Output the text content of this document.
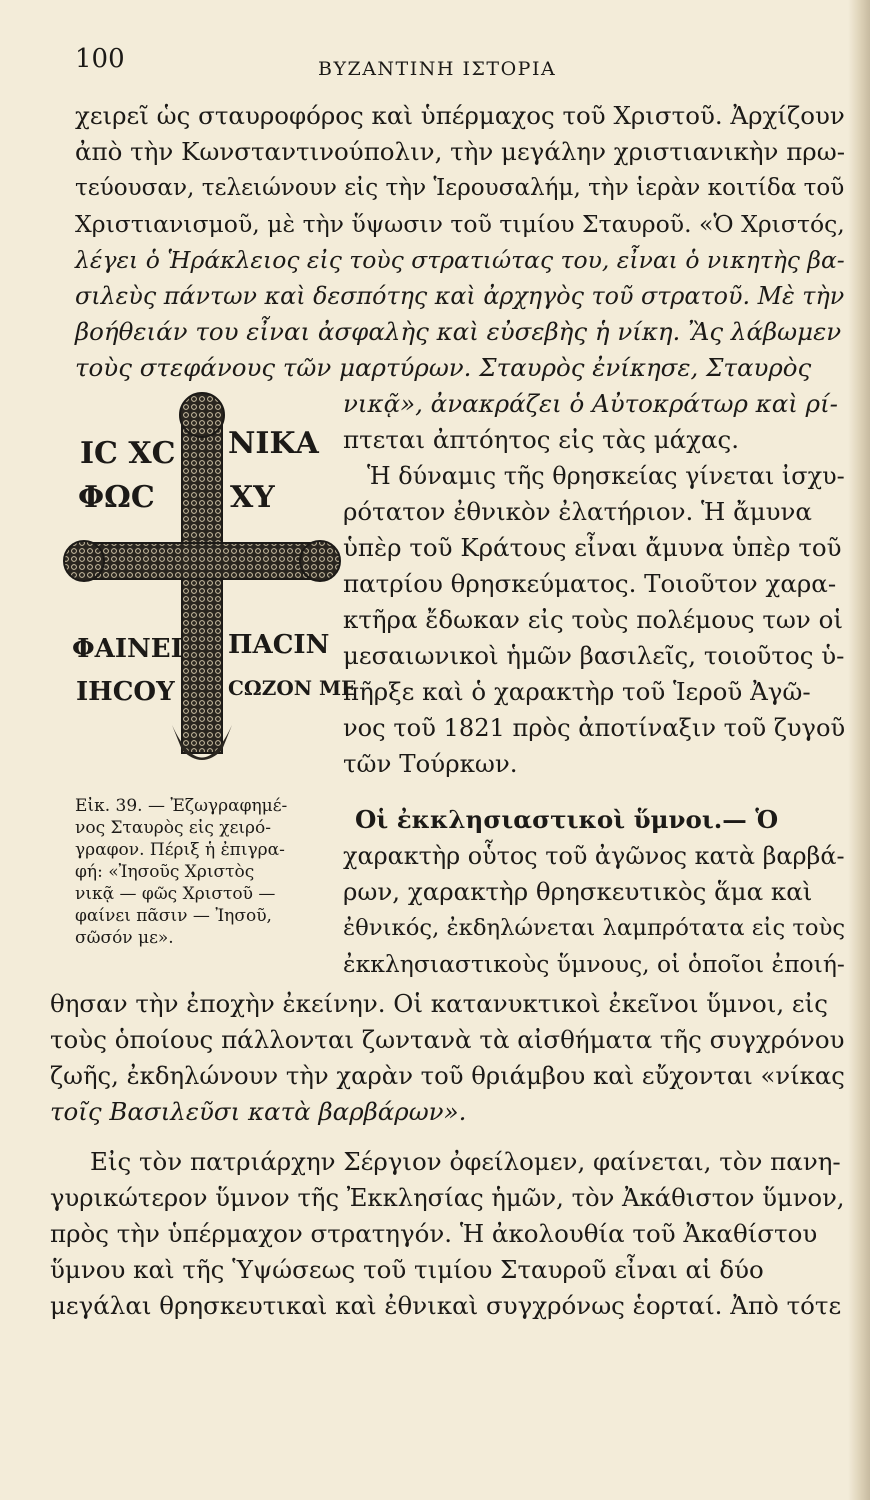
100	ΒΥΖΑΝΤΙΝΗ ΙΣΤΟΡΙΑ
χειρεῖ ὡς σταυροφόρος καὶ ὑπέρμαχος τοῦ Χριστοῦ. Ἀρχίζουν
ἀπὸ τὴν Κωνσταντινούπολιν, τὴν μεγάλην χριστιανικὴν πρω-
τεύουσαν, τελειώνουν εἰς τὴν Ἱερουσαλήμ, τὴν ἱερὰν κοιτίδα τοῦ
Χριστιανισμοῦ, μὲ τὴν ὕψωσιν τοῦ τιμίου Σταυροῦ. «Ὁ Χριστός,
λέγει ὁ Ἡράκλειος εἰς τοὺς στρατιώτας του, εἶναι ὁ νικητὴς βα-
σιλεὺς πάντων καὶ δεσπότης καὶ ἀρχηγὸς τοῦ στρατοῦ. Μὲ τὴν
βοήθειάν του εἶναι ἀσφαλὴς καὶ εὐσεβὴς ἡ νίκη. Ἂς λάβωμεν
τοὺς στεφάνους τῶν μαρτύρων. Σταυρὸς ἐνίκησε, Σταυρὸς
ΙC ΧC ΝΙΚΑ
ΦΩC	ΧΥ
ΦΑΙΝΕΙ ΠΑCΙΝ
ΙΗCΟΥ	CΩΖΟΝ ΜΕ
νικᾷ», ἀνακράζει ὁ Αὐτοκράτωρ καὶ ρί-
πτεται ἀπτόητος εἰς τὰς μάχας.
Ἡ δύναμις τῆς θρησκείας γίνεται ἰσχυ-
ρότατον ἐθνικὸν ἐλατήριον. Ἡ ἄμυνα
ὑπὲρ τοῦ Κράτους εἶναι ἄμυνα ὑπὲρ τοῦ
πατρίου θρησκεύματος. Τοιοῦτον χαρα-
κτῆρα ἔδωκαν εἰς τοὺς πολέμους των οἱ
μεσαιωνικοὶ ἡμῶν βασιλεῖς, τοιοῦτος ὑ-
πῆρξε καὶ ὁ χαρακτὴρ τοῦ Ἱεροῦ Ἀγῶ-
νος τοῦ 1821 πρὸς ἀποτίναξιν τοῦ ζυγοῦ
τῶν Τούρκων.
Οἱ ἐκκλησιαστικοὶ ὕμνοι.— Ὁ
χαρακτὴρ οὗτος τοῦ ἀγῶνος κατὰ βαρβά-
ρων, χαρακτὴρ θρησκευτικὸς ἅμα καὶ
ἐθνικός, ἐκδηλώνεται λαμπρότατα εἰς τοὺς
ἐκκλησιαστικοὺς ὕμνους, οἱ ὁποῖοι ἐποιή-
Εἰκ. 39. — Ἐζωγραφημέ-
νος Σταυρὸς εἰς χειρό-
γραφον. Πέριξ ἡ ἐπιγρα-
φή: «Ἰησοῦς Χριστὸς
νικᾷ — φῶς Χριστοῦ —
φαίνει πᾶσιν — Ἰησοῦ,
σῶσόν με».
θησαν τὴν ἐποχὴν ἐκείνην. Οἱ κατανυκτικοὶ ἐκεῖνοι ὕμνοι, εἰς
τοὺς ὁποίους πάλλονται ζωντανὰ τὰ αἰσθήματα τῆς συγχρόνου
ζωῆς, ἐκδηλώνουν τὴν χαρὰν τοῦ θριάμβου καὶ εὔχονται «νίκας
τοῖς Βασιλεῦσι κατὰ βαρβάρων».
Εἰς τὸν πατριάρχην Σέργιον ὀφείλομεν, φαίνεται, τὸν πανη-
γυρικώτερον ὕμνον τῆς Ἐκκλησίας ἡμῶν, τὸν Ἀκάθιστον ὕμνον,
πρὸς τὴν ὑπέρμαχον στρατηγόν. Ἡ ἀκολουθία τοῦ Ἀκαθίστου
ὕμνου καὶ τῆς Ὑψώσεως τοῦ τιμίου Σταυροῦ εἶναι αἱ δύο
μεγάλαι θρησκευτικαὶ καὶ ἐθνικαὶ συγχρόνως ἑορταί. Ἀπὸ τότε
